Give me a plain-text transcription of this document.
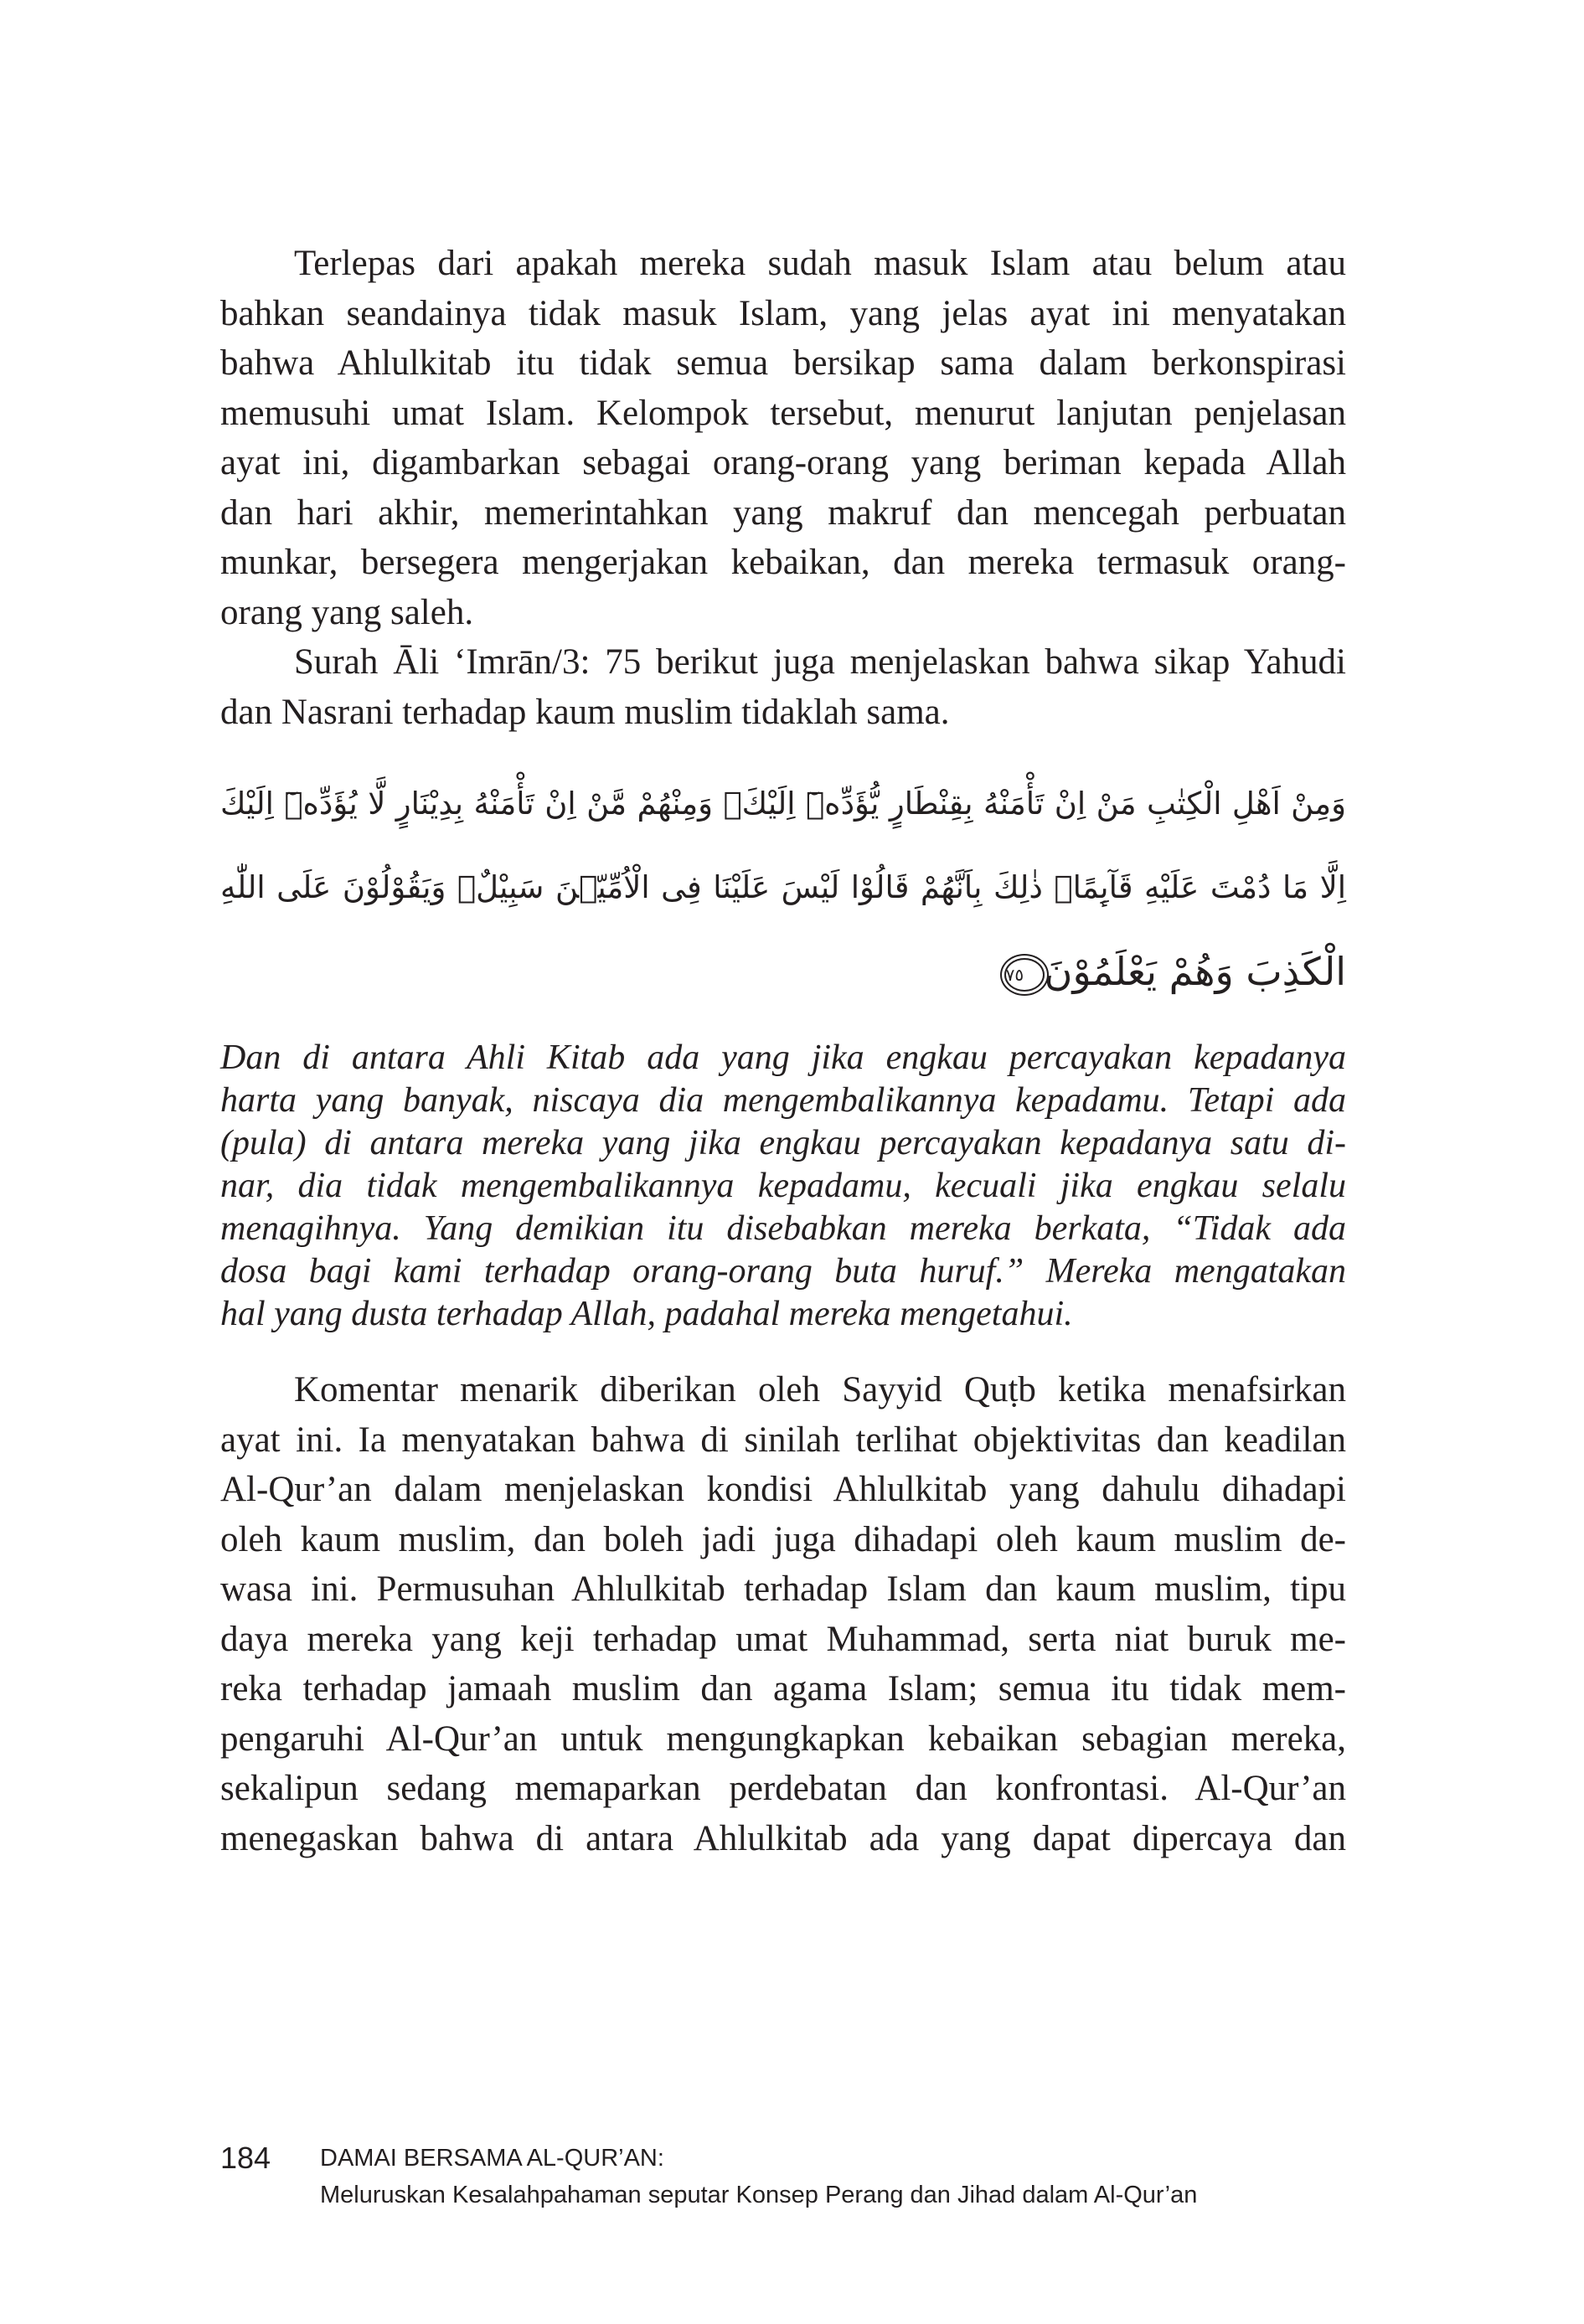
Terlepas dari apakah mereka sudah masuk Islam atau belum atau
bahkan seandainya tidak masuk Islam, yang jelas ayat ini menyatakan
bahwa Ahlulkitab itu tidak semua bersikap sama dalam berkonspirasi
memusuhi umat Islam. Kelompok tersebut, menurut lanjutan penjelasan
ayat ini, digambarkan sebagai orang-orang yang beriman kepada Allah
dan hari akhir, memerintahkan yang makruf dan mencegah perbuatan
munkar, bersegera mengerjakan kebaikan, dan mereka termasuk orang-
orang yang saleh.
Surah Āli ‘Imrān/3: 75 berikut juga menjelaskan bahwa sikap Yahudi
dan Nasrani terhadap kaum muslim tidaklah sama.
وَمِنْ اَهْلِ الْكِتٰبِ مَنْ اِنْ تَأْمَنْهُ بِقِنْطَارٍ يُّؤَدِّهٖٓ اِلَيْكَۚ وَمِنْهُمْ مَّنْ اِنْ تَأْمَنْهُ بِدِيْنَارٍ لَّا يُؤَدِّهٖٓ اِلَيْكَ
اِلَّا مَا دُمْتَ عَلَيْهِ قَآىِٕمًاۗ ذٰلِكَ بِاَنَّهُمْ قَالُوْا لَيْسَ عَلَيْنَا فِى الْاُمِّيّٖنَ سَبِيْلٌۚ وَيَقُوْلُوْنَ عَلَى اللّٰهِ
الْكَذِبَ وَهُمْ يَعْلَمُوْنَ٧٥
Dan di antara Ahli Kitab ada yang jika engkau percayakan kepadanya
harta yang banyak, niscaya dia mengembalikannya kepadamu. Tetapi ada
(pula) di antara mereka yang jika engkau percayakan kepadanya satu di-
nar, dia tidak mengembalikannya kepadamu, kecuali jika engkau selalu
menagihnya. Yang demikian itu disebabkan mereka berkata, “Tidak ada
dosa bagi kami terhadap orang-orang buta huruf.” Mereka mengatakan
hal yang dusta terhadap Allah, padahal mereka mengetahui.
Komentar menarik diberikan oleh Sayyid Quṭb ketika menafsirkan
ayat ini. Ia menyatakan bahwa di sinilah terlihat objektivitas dan keadilan
Al-Qur’an dalam menjelaskan kondisi Ahlulkitab yang dahulu dihadapi
oleh kaum muslim, dan boleh jadi juga dihadapi oleh kaum muslim de-
wasa ini. Permusuhan Ahlulkitab terhadap Islam dan kaum muslim, tipu
daya mereka yang keji terhadap umat Muhammad, serta niat buruk me-
reka terhadap jamaah muslim dan agama Islam; semua itu tidak mem-
pengaruhi Al-Qur’an untuk mengungkapkan kebaikan sebagian mereka,
sekalipun sedang memaparkan perdebatan dan konfrontasi. Al-Qur’an
menegaskan bahwa di antara Ahlulkitab ada yang dapat dipercaya dan
184 DAMAI BERSAMA AL-QUR’AN:
Meluruskan Kesalahpahaman seputar Konsep Perang dan Jihad dalam Al-Qur’an
